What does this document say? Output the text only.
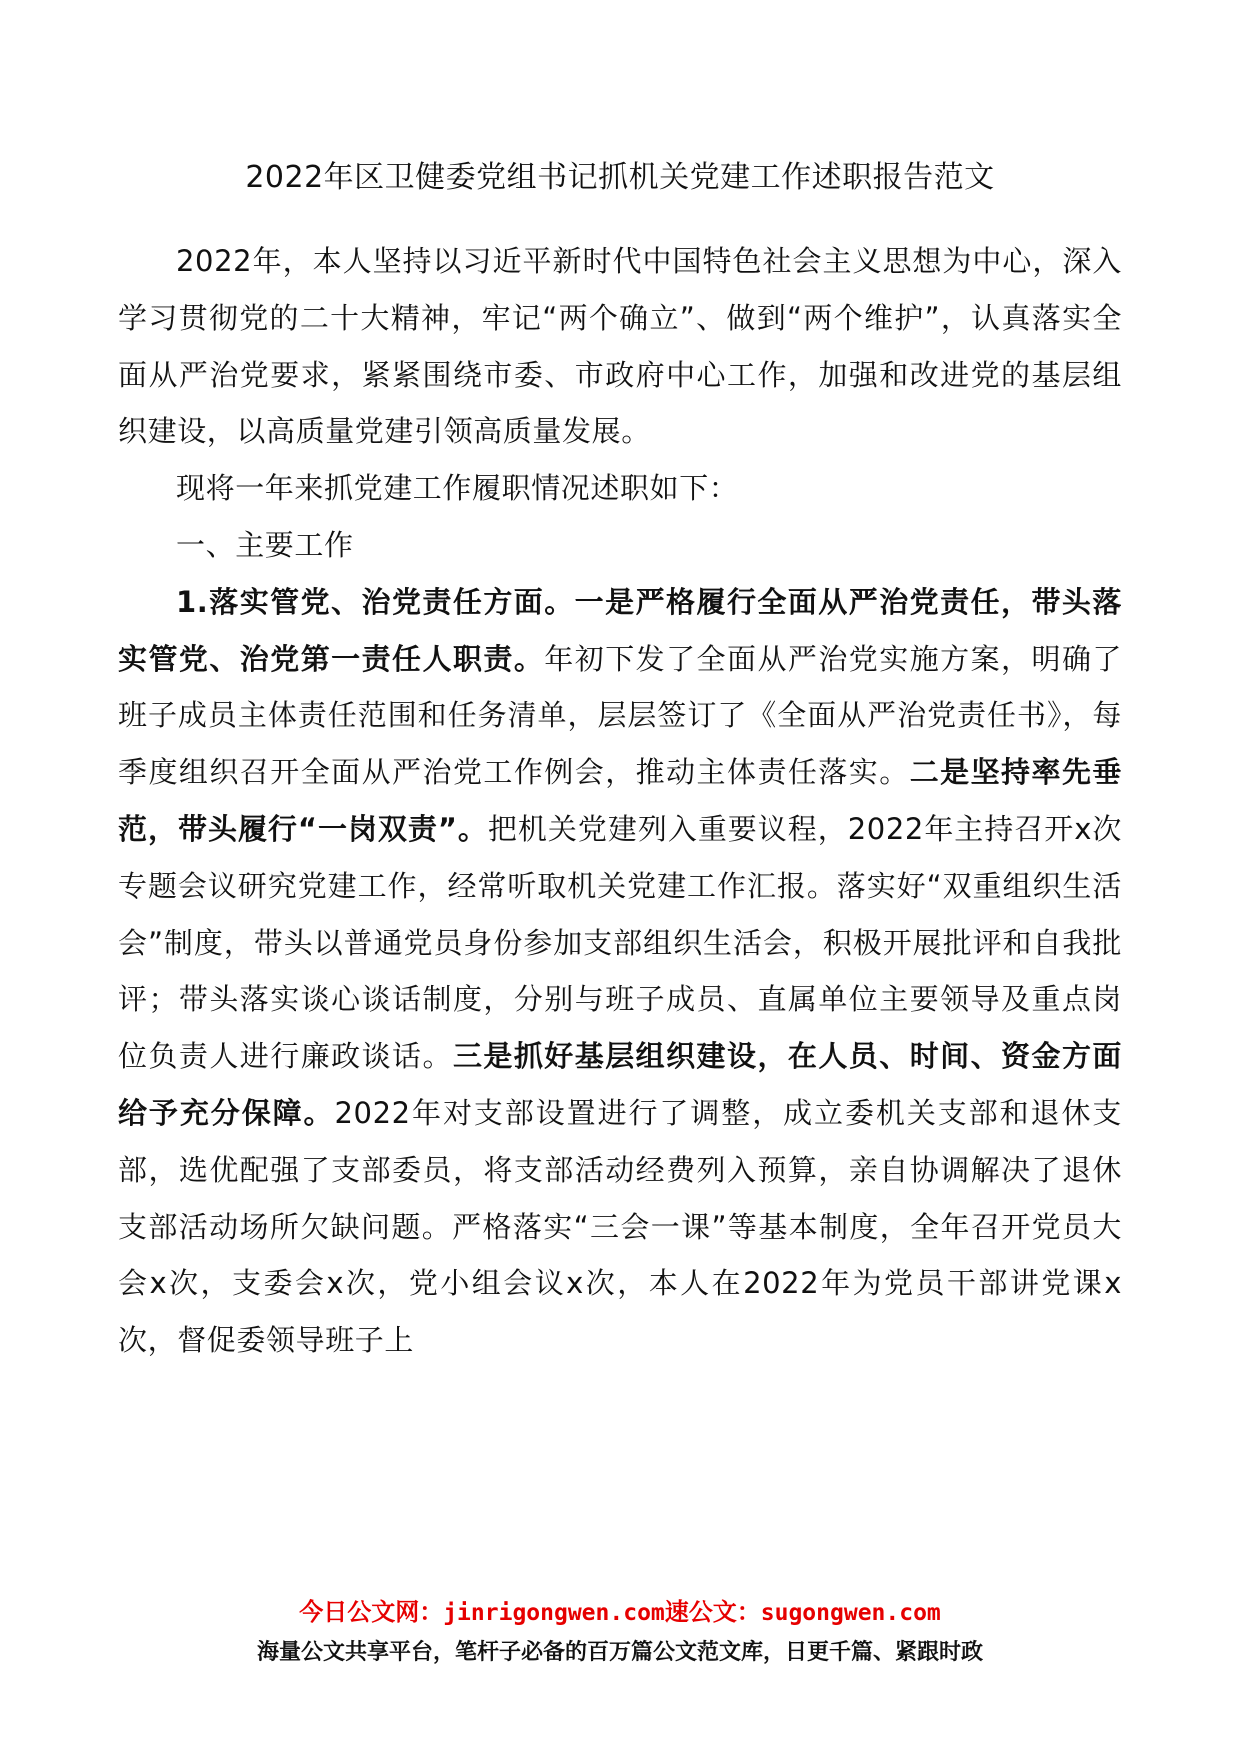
2022年区卫健委党组书记抓机关党建工作述职报告范文

2022年，本人坚持以习近平新时代中国特色社会主义思想为中心，深入学习贯彻党的二十大精神，牢记“两个确立”、做到“两个维护”，认真落实全面从严治党要求，紧紧围绕市委、市政府中心工作，加强和改进党的基层组织建设，以高质量党建引领高质量发展。

现将一年来抓党建工作履职情况述职如下：

一、主要工作

1.落实管党、治党责任方面。一是严格履行全面从严治党责任，带头落实管党、治党第一责任人职责。年初下发了全面从严治党实施方案，明确了班子成员主体责任范围和任务清单，层层签订了《全面从严治党责任书》，每季度组织召开全面从严治党工作例会，推动主体责任落实。二是坚持率先垂范，带头履行“一岗双责”。把机关党建列入重要议程，2022年主持召开x次专题会议研究党建工作，经常听取机关党建工作汇报。落实好“双重组织生活会”制度，带头以普通党员身份参加支部组织生活会，积极开展批评和自我批评；带头落实谈心谈话制度，分别与班子成员、直属单位主要领导及重点岗位负责人进行廉政谈话。三是抓好基层组织建设，在人员、时间、资金方面给予充分保障。2022年对支部设置进行了调整，成立委机关支部和退休支部，选优配强了支部委员，将支部活动经费列入预算，亲自协调解决了退休支部活动场所欠缺问题。严格落实“三会一课”等基本制度，全年召开党员大会x次，支委会x次，党小组会议x次，本人在2022年为党员干部讲党课x次，督促委领导班子上

今日公文网：jinrigongwen.com速公文：sugongwen.com
海量公文共享平台，笔杆子必备的百万篇公文范文库，日更千篇、紧跟时政
